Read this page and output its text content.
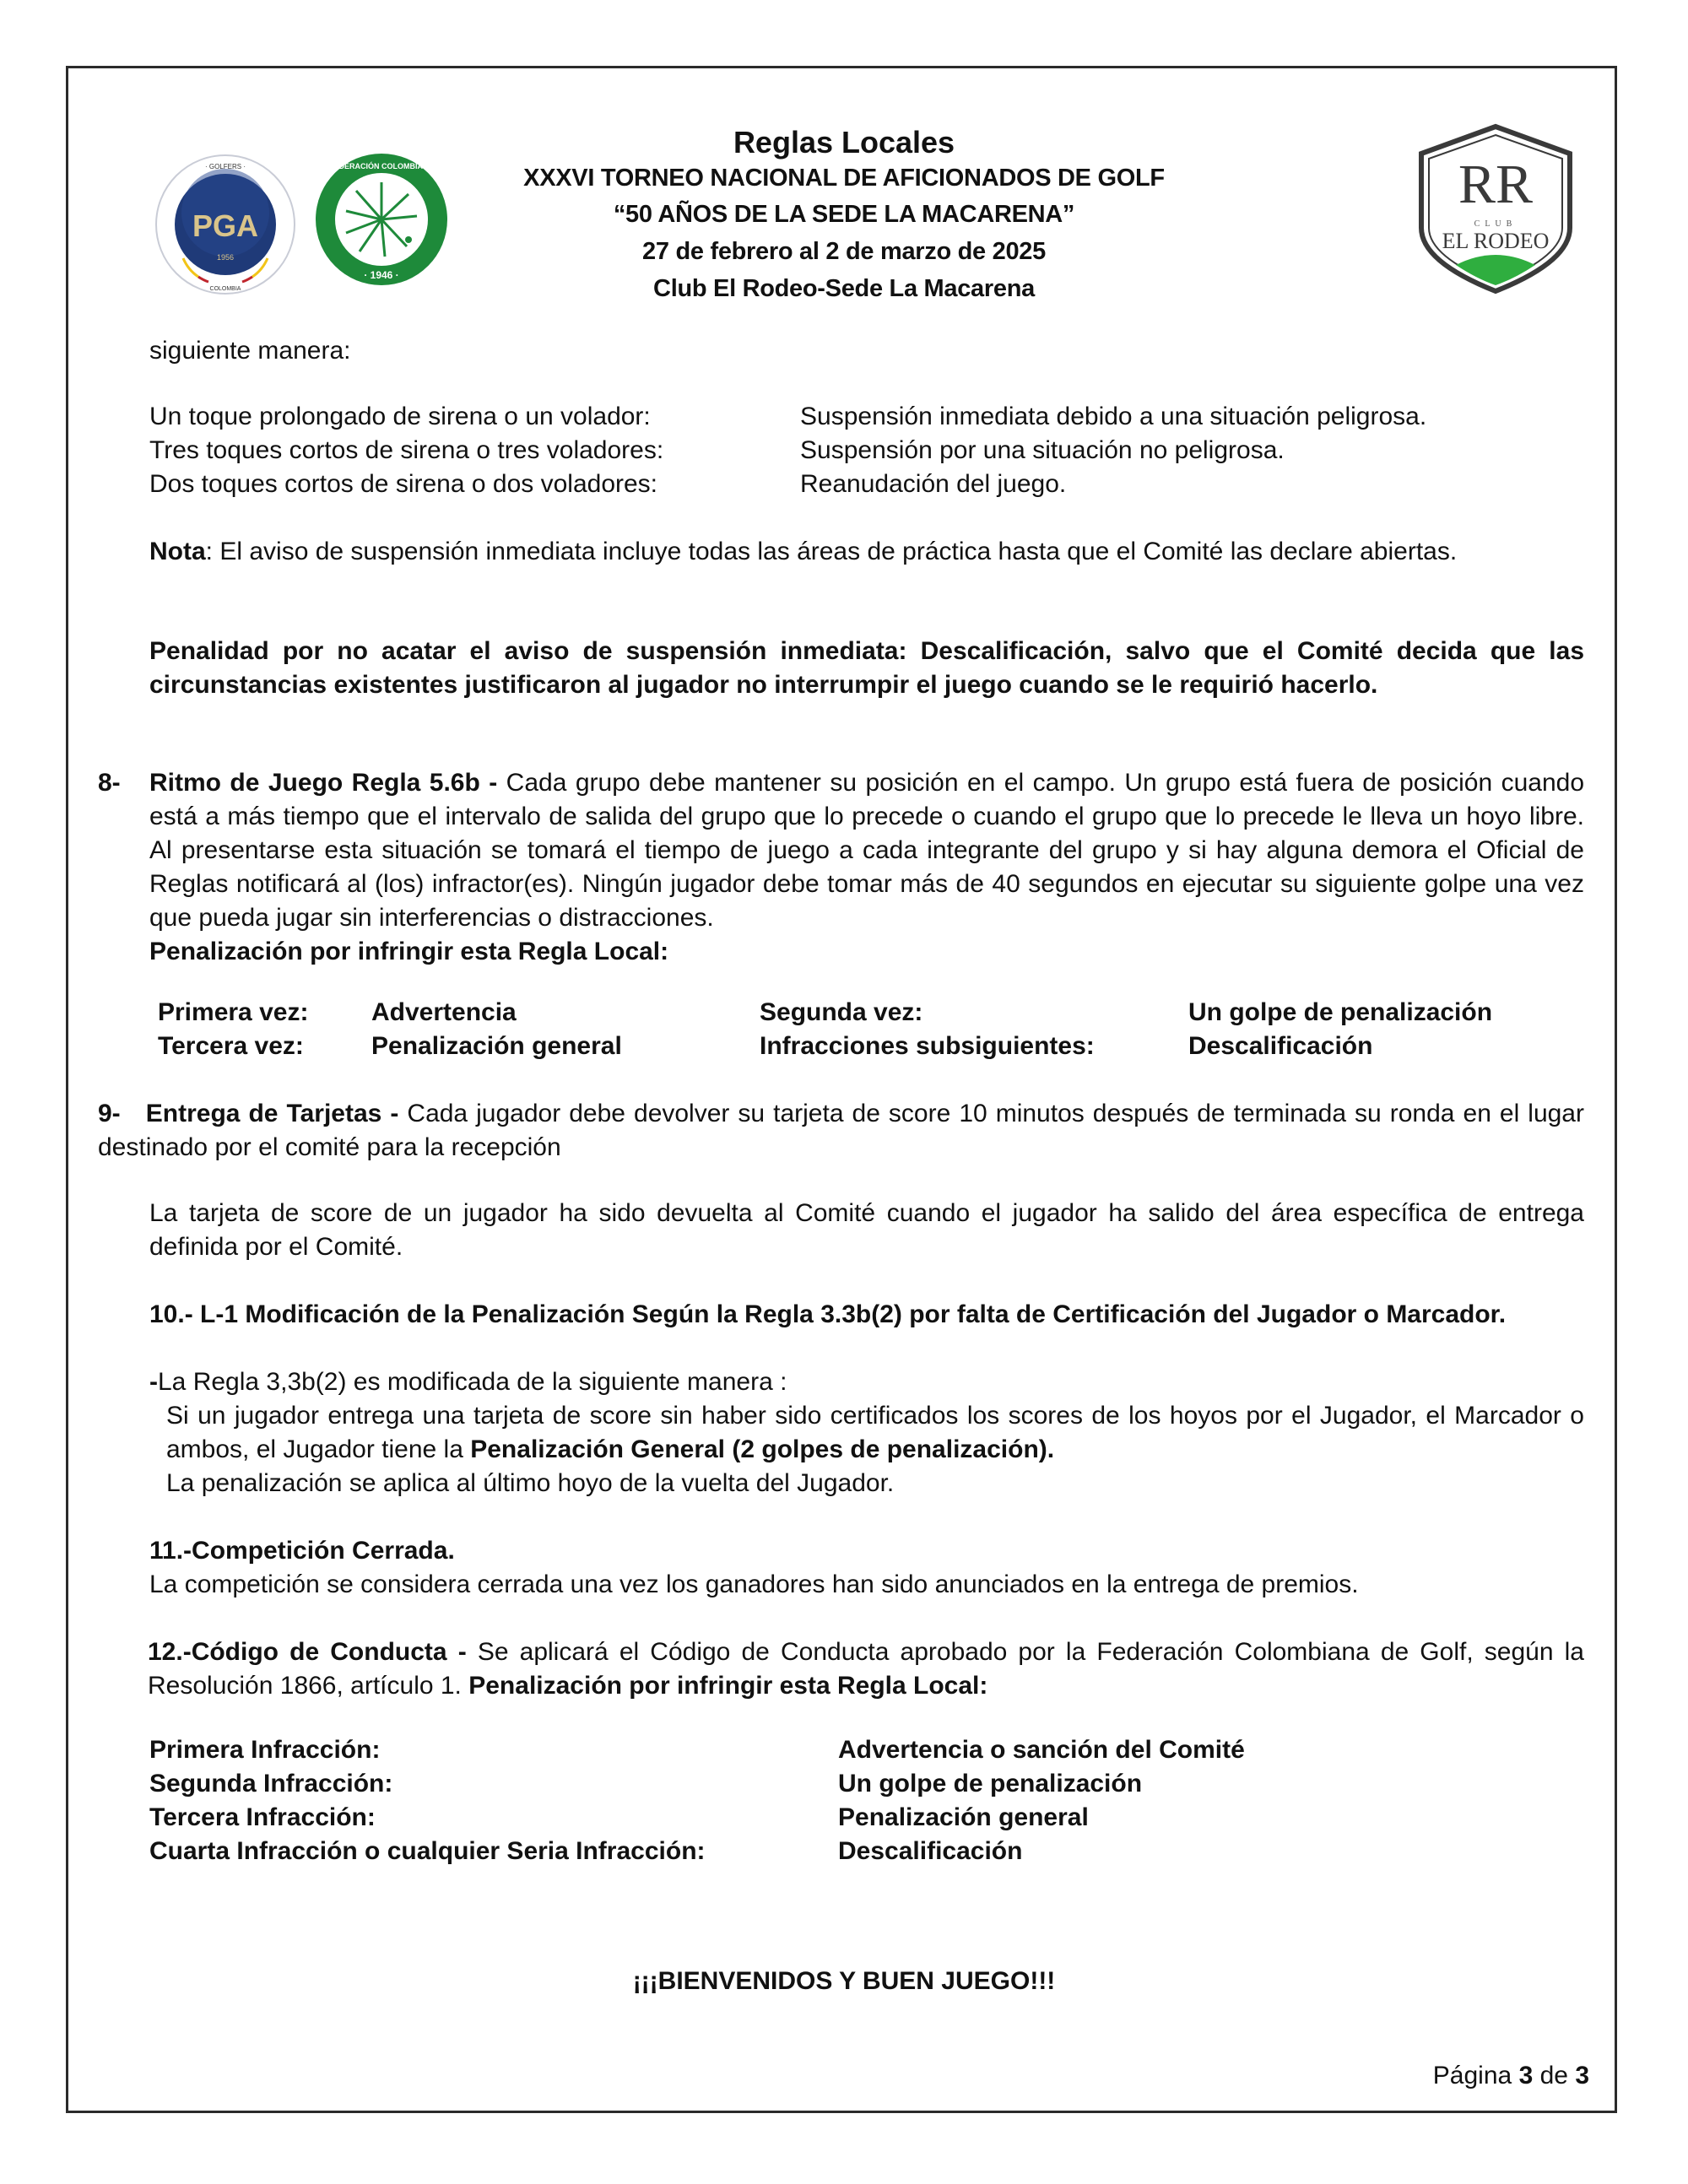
PGA
1956
· GOLFERS ·
COLOMBIA
· 1946 ·
FEDERACIÓN COLOMBIANA	RR
CLUB
EL RODEO
Reglas Locales
XXXVI TORNEO NACIONAL DE AFICIONADOS DE GOLF
“50 AÑOS DE LA SEDE LA MACARENA”
27 de febrero al 2 de marzo de 2025
Club El Rodeo-Sede La Macarena
siguiente manera:
Un toque prolongado de sirena o un volador:	Suspensión inmediata debido a una situación peligrosa.
Tres toques cortos de sirena o tres voladores:	Suspensión por una situación no peligrosa.
Dos toques cortos de sirena o dos voladores:	Reanudación del juego.
Nota: El aviso de suspensión inmediata incluye todas las áreas de práctica hasta que el Comité las declare abiertas.
Penalidad por no acatar el aviso de suspensión inmediata: Descalificación, salvo que el Comité decida que las circunstancias existentes justificaron al jugador no interrumpir el juego cuando se le requirió hacerlo.
8- Ritmo de Juego Regla 5.6b - Cada grupo debe mantener su posición en el campo. Un grupo está fuera de posición cuando está a más tiempo que el intervalo de salida del grupo que lo precede o cuando el grupo que lo precede le lleva un hoyo libre. Al presentarse esta situación se tomará el tiempo de juego a cada integrante del grupo y si hay alguna demora el Oficial de Reglas notificará al (los) infractor(es). Ningún jugador debe tomar más de 40 segundos en ejecutar su siguiente golpe una vez que pueda jugar sin interferencias o distracciones.
Penalización por infringir esta Regla Local:
Primera vez: Advertencia	Segunda vez:	Un golpe de penalización
Tercera vez:	Penalización general	Infracciones subsiguientes:	Descalificación
9- Entrega de Tarjetas - Cada jugador debe devolver su tarjeta de score 10 minutos después de terminada su ronda en el lugar destinado por el comité para la recepción
La tarjeta de score de un jugador ha sido devuelta al Comité cuando el jugador ha salido del área específica de entrega definida por el Comité.
10.- L-1 Modificación de la Penalización Según la Regla 3.3b(2) por falta de Certificación del Jugador o Marcador.
-La Regla 3,3b(2) es modificada de la siguiente manera :
Si un jugador entrega una tarjeta de score sin haber sido certificados los scores de los hoyos por el Jugador, el Marcador o ambos, el Jugador tiene la Penalización General (2 golpes de penalización).
La penalización se aplica al último hoyo de la vuelta del Jugador.
11.-Competición Cerrada.
La competición se considera cerrada una vez los ganadores han sido anunciados en la entrega de premios.
12.-Código de Conducta - Se aplicará el Código de Conducta aprobado por la Federación Colombiana de Golf, según la Resolución 1866, artículo 1. Penalización por infringir esta Regla Local:
Primera Infracción:	Advertencia o sanción del Comité
Segunda Infracción:	Un golpe de penalización
Tercera Infracción:	Penalización general
Cuarta Infracción o cualquier Seria Infracción:	Descalificación
¡¡¡BIENVENIDOS Y BUEN JUEGO!!!
Página 3 de 3
